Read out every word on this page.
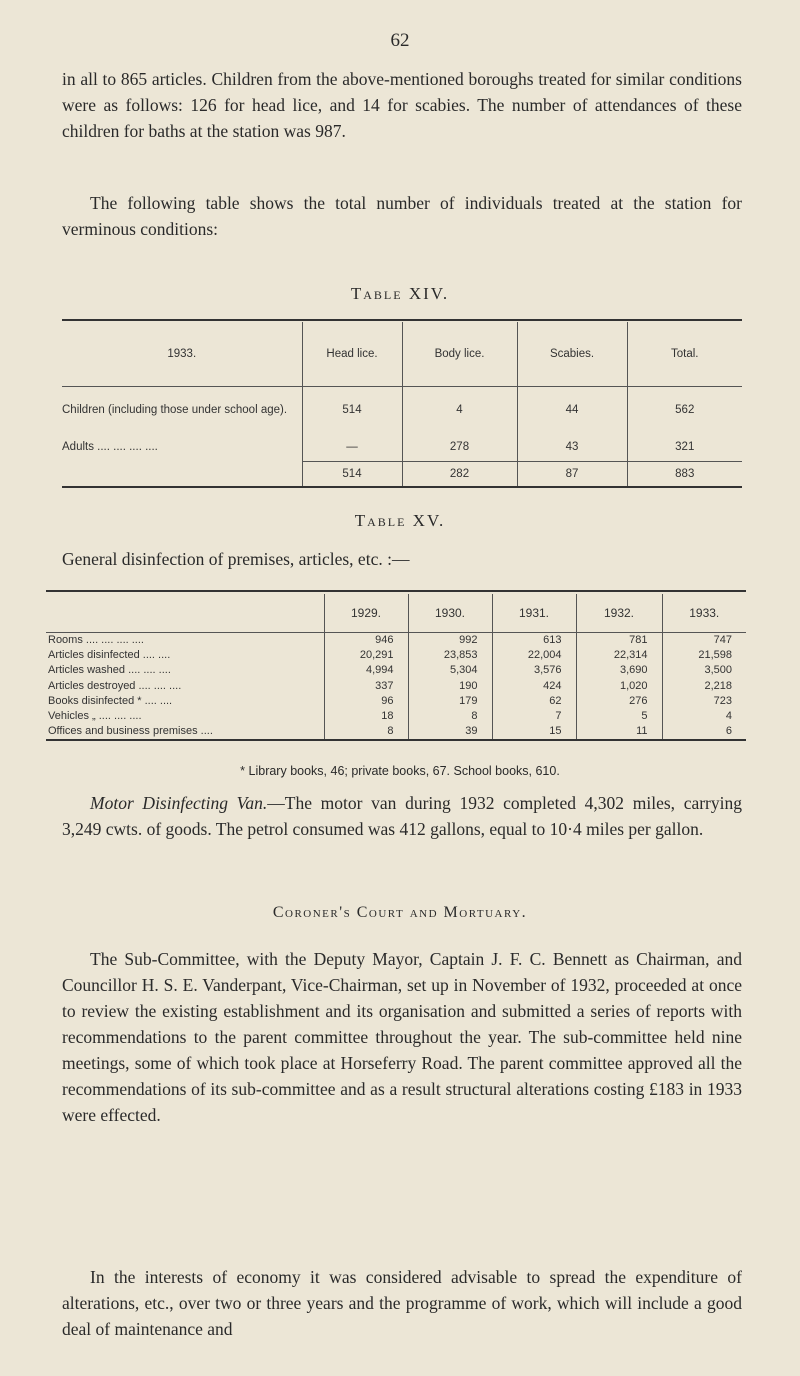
62

in all to 865 articles. Children from the above-mentioned boroughs treated for similar conditions were as follows: 126 for head lice, and 14 for scabies. The number of attendances of these children for baths at the station was 987.

The following table shows the total number of individuals treated at the station for verminous conditions:

Table XIV.
1933.	Head lice.	Body lice.	Scabies.	Total.
Children (including those under school age).	514	4	44	562
Adults .... .... .... ....	—	278	43	321
	514	282	87	883
Table XV.

General disinfection of premises, articles, etc. :—

	1929.	1930.	1931.	1932.	1933.
Rooms .... .... .... ....	946	992	613	781	747
Articles disinfected .... ....	20,291	23,853	22,004	22,314	21,598
Articles washed .... .... ....	4,994	5,304	3,576	3,690	3,500
Articles destroyed .... .... ....	337	190	424	1,020	2,218
Books disinfected * .... ....	96	179	62	276	723
Vehicles „ .... .... ....	18	8	7	5	4
Offices and business premises ....	8	39	15	11	6
* Library books, 46; private books, 67. School books, 610.

Motor Disinfecting Van.—The motor van during 1932 completed 4,302 miles, carrying 3,249 cwts. of goods. The petrol consumed was 412 gallons, equal to 10·4 miles per gallon.

Coroner's Court and Mortuary.

The Sub-Committee, with the Deputy Mayor, Captain J. F. C. Bennett as Chairman, and Councillor H. S. E. Vanderpant, Vice-Chairman, set up in November of 1932, proceeded at once to review the existing establishment and its organisation and submitted a series of reports with recommendations to the parent committee throughout the year. The sub-committee held nine meetings, some of which took place at Horseferry Road. The parent committee approved all the recommendations of its sub-committee and as a result structural alterations costing £183 in 1933 were effected.

In the interests of economy it was considered advisable to spread the expenditure of alterations, etc., over two or three years and the programme of work, which will include a good deal of maintenance and
